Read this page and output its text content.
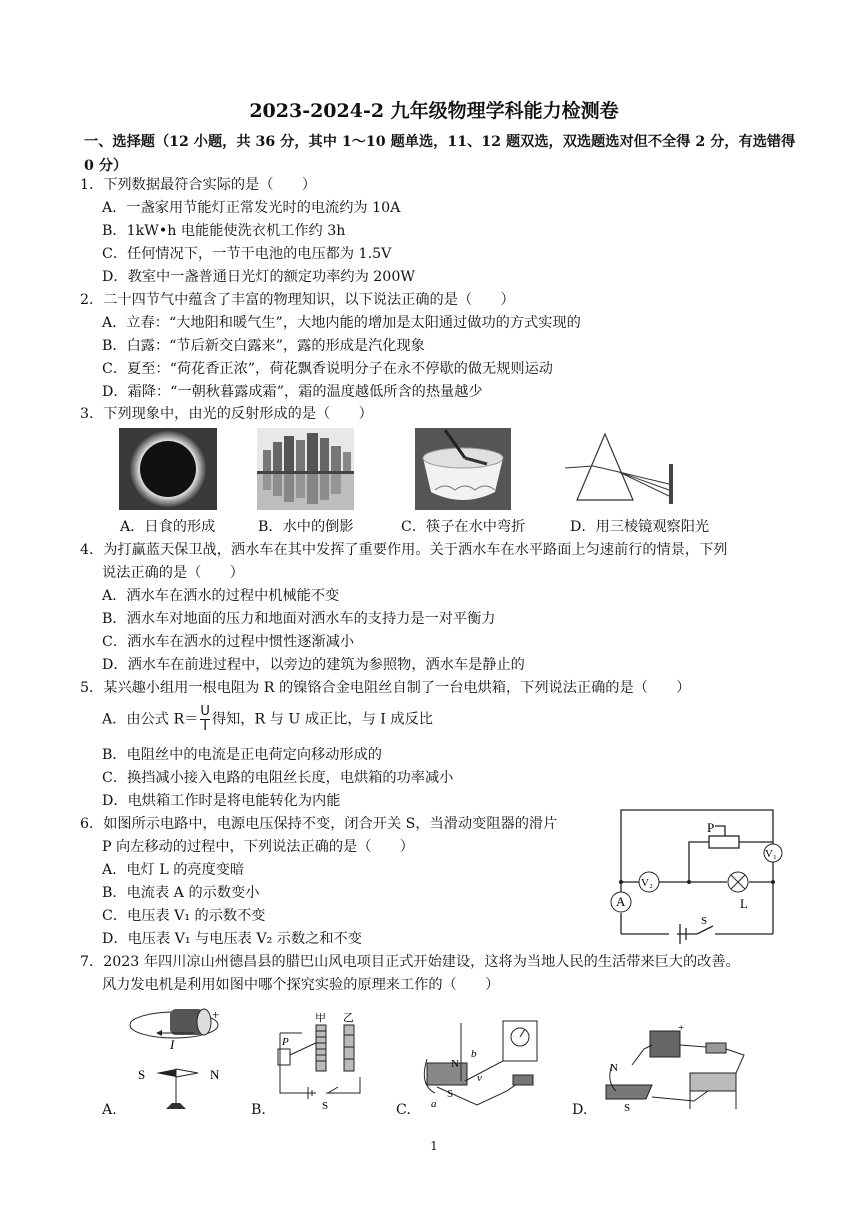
2023-2024-2 九年级物理学科能力检测卷
一、选择题（12 小题，共 36 分，其中 1～10 题单选，11、12 题双选，双选题选对但不全得 2 分，有选错得 0 分）
1．下列数据最符合实际的是（　　）
A．一盏家用节能灯正常发光时的电流约为 10A
B．1kW•h 电能能使洗衣机工作约 3h
C．任何情况下，一节干电池的电压都为 1.5V
D．教室中一盏普通日光灯的额定功率约为 200W
2．二十四节气中蕴含了丰富的物理知识，以下说法正确的是（　　）
A．立春：“大地阳和暖气生”，大地内能的增加是太阳通过做功的方式实现的
B．白露：“节后新交白露来”，露的形成是汽化现象
C．夏至：“荷花香正浓”，荷花飘香说明分子在永不停歇的做无规则运动
D．霜降：“一朝秋暮露成霜”，霜的温度越低所含的热量越少
3．下列现象中，由光的反射形成的是（　　）
A．日食的形成	B．水中的倒影	C．筷子在水中弯折	D．用三棱镜观察阳光
4．为打赢蓝天保卫战，洒水车在其中发挥了重要作用。关于洒水车在水平路面上匀速前行的情景，下列
说法正确的是（　　）
A．洒水车在洒水的过程中机械能不变
B．洒水车对地面的压力和地面对洒水车的支持力是一对平衡力
C．洒水车在洒水的过程中惯性逐渐减小
D．洒水车在前进过程中，以旁边的建筑为参照物，洒水车是静止的
5．某兴趣小组用一根电阻为 R 的镍铬合金电阻丝自制了一台电烘箱，下列说法正确的是（　　）
A．由公式 $R= \frac{U}{I}$ 得知，R 与 U 成正比，与 I 成反比
B．电阻丝中的电流是正电荷定向移动形成的
C．换挡减小接入电路的电阻丝长度，电烘箱的功率减小
D．电烘箱工作时是将电能转化为内能
6．如图所示电路中，电源电压保持不变，闭合开关 S，当滑动变阻器的滑片
P 向左移动的过程中，下列说法正确的是（　　）
A．电灯 L 的亮度变暗
B．电流表 A 的示数变小
C．电压表 V₁ 的示数不变
D．电压表 V₁ 与电压表 V₂ 示数之和不变
P
V₁
V₂
A	L
S
7．2023 年四川凉山州德昌县的腊巴山风电项目正式开始建设，这将为当地人民的生活带来巨大的改善。
风力发电机是利用如图中哪个探究实验的原理来工作的（　　）
+
I
S	N
甲 乙
P
S
N
S
a
b
v
+
N
S
A.	B.	C.	D.
1
